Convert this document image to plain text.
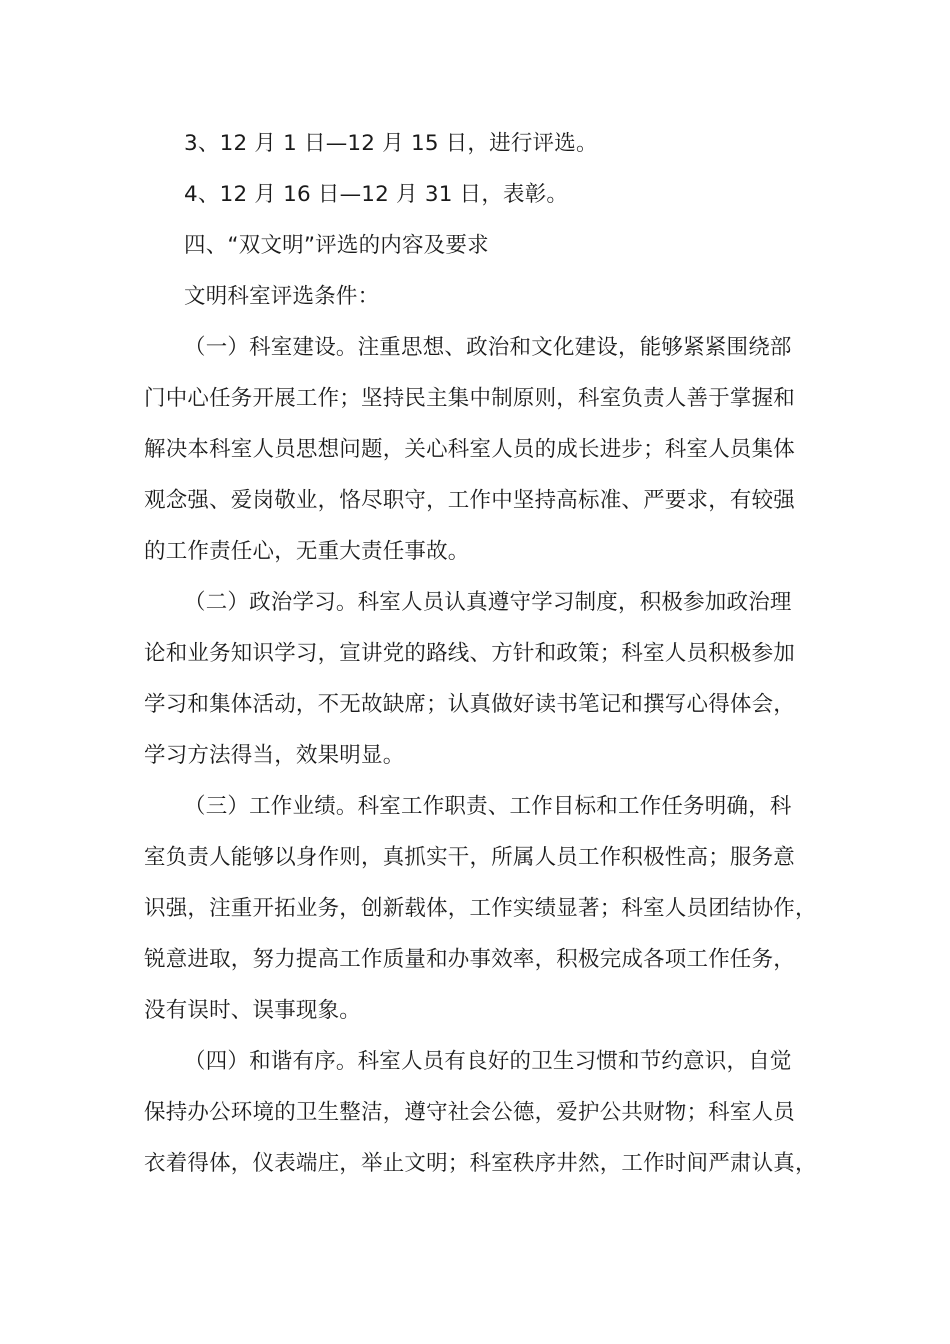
3、12 月 1 日—12 月 15 日，进行评选。
4、12 月 16 日—12 月 31 日，表彰。
四、“双文明”评选的内容及要求
文明科室评选条件：
（一）科室建设。注重思想、政治和文化建设，能够紧紧围绕部
门中心任务开展工作；坚持民主集中制原则，科室负责人善于掌握和
解决本科室人员思想问题，关心科室人员的成长进步；科室人员集体
观念强、爱岗敬业，恪尽职守，工作中坚持高标准、严要求，有较强
的工作责任心，无重大责任事故。
（二）政治学习。科室人员认真遵守学习制度，积极参加政治理
论和业务知识学习，宣讲党的路线、方针和政策；科室人员积极参加
学习和集体活动，不无故缺席；认真做好读书笔记和撰写心得体会，
学习方法得当，效果明显。
（三）工作业绩。科室工作职责、工作目标和工作任务明确，科
室负责人能够以身作则，真抓实干，所属人员工作积极性高；服务意
识强，注重开拓业务，创新载体，工作实绩显著；科室人员团结协作，
锐意进取，努力提高工作质量和办事效率，积极完成各项工作任务，
没有误时、误事现象。
（四）和谐有序。科室人员有良好的卫生习惯和节约意识，自觉
保持办公环境的卫生整洁，遵守社会公德，爱护公共财物；科室人员
衣着得体，仪表端庄，举止文明；科室秩序井然，工作时间严肃认真，
